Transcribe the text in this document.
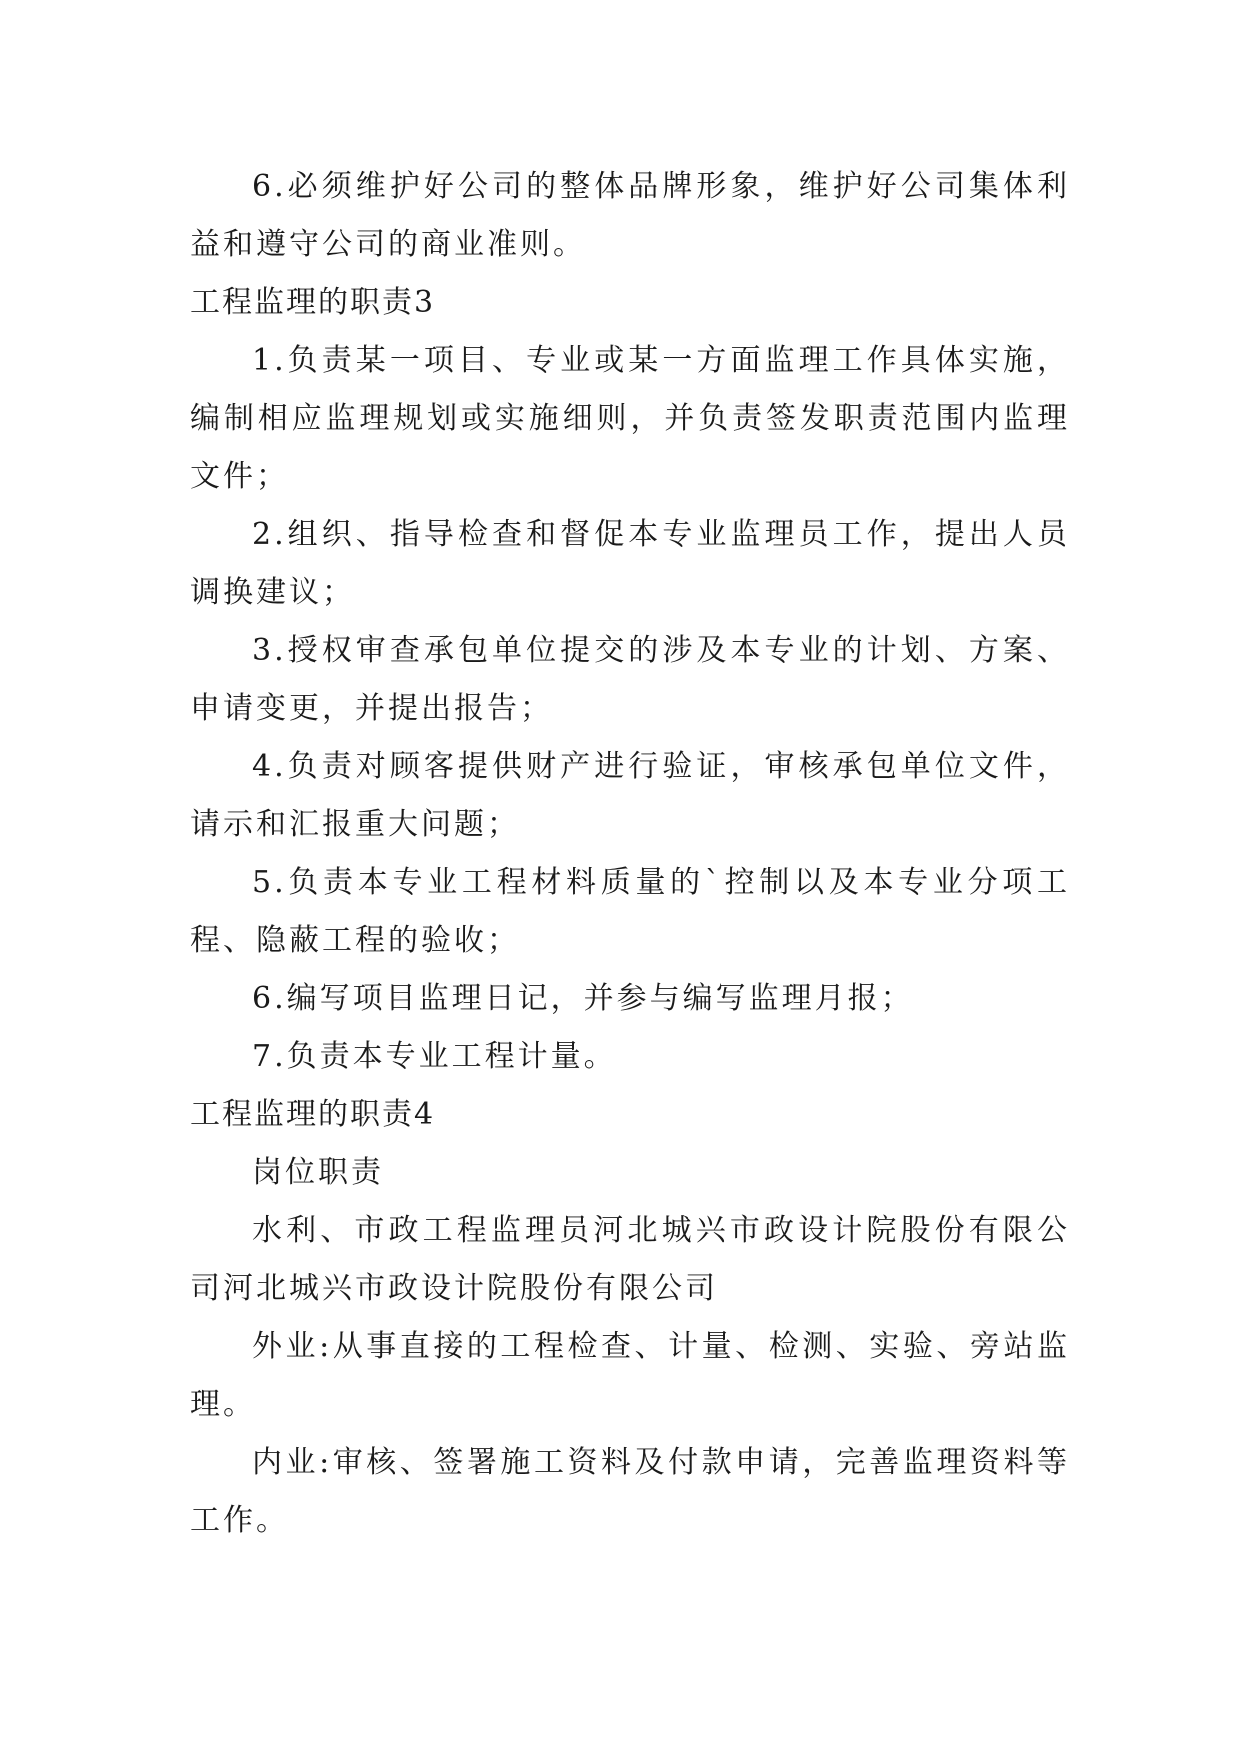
6.必须维护好公司的整体品牌形象，维护好公司集体利益和遵守公司的商业准则。

工程监理的职责3

1.负责某一项目、专业或某一方面监理工作具体实施，编制相应监理规划或实施细则，并负责签发职责范围内监理文件；

2.组织、指导检查和督促本专业监理员工作，提出人员调换建议；

3.授权审查承包单位提交的涉及本专业的计划、方案、申请变更，并提出报告；

4.负责对顾客提供财产进行验证，审核承包单位文件，请示和汇报重大问题；

5.负责本专业工程材料质量的`控制以及本专业分项工程、隐蔽工程的验收；

6.编写项目监理日记，并参与编写监理月报；

7.负责本专业工程计量。

工程监理的职责4

岗位职责

水利、市政工程监理员河北城兴市政设计院股份有限公司河北城兴市政设计院股份有限公司

外业:从事直接的工程检查、计量、检测、实验、旁站监理。

内业:审核、签署施工资料及付款申请，完善监理资料等工作。
